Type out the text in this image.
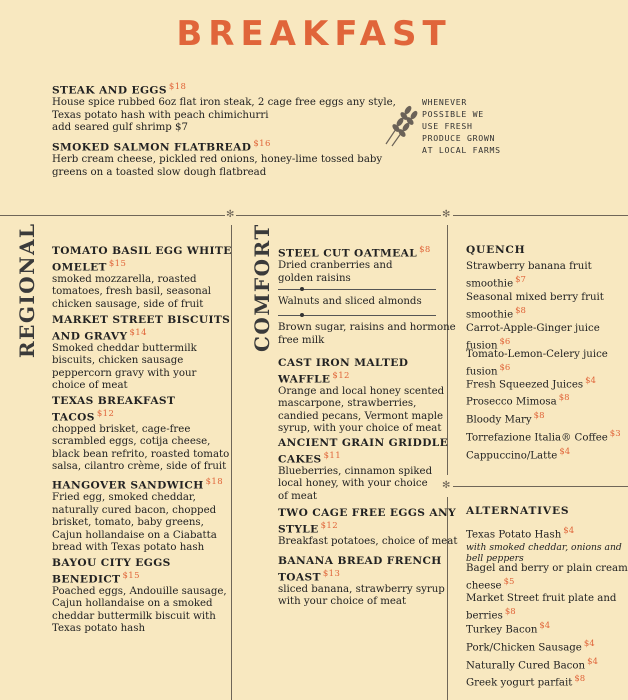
BREAKFAST
STEAK AND EGGS $^{\$18}$
House spice rubbed 6oz flat iron steak, 2 cage free eggs any style,
Texas potato hash with peach chimichurri
add seared gulf shrimp $7
SMOKED SALMON FLATBREAD $^{\$16}$
Herb cream cheese, pickled red onions, honey-lime tossed baby
greens on a toasted slow dough flatbread
WHENEVER
POSSIBLE WE
USE FRESH
PRODUCE GROWN
AT LOCAL FARMS
✻	✻
✻
REGIONAL	COMFORT
TOMATO BASIL EGG WHITE
OMELET $^{\$15}$
smoked mozzarella, roasted
tomatoes, fresh basil, seasonal
chicken sausage, side of fruit
MARKET STREET BISCUITS
AND GRAVY $^{\$14}$
Smoked cheddar buttermilk
biscuits, chicken sausage
peppercorn gravy with your
choice of meat
TEXAS BREAKFAST
TACOS $^{\$12}$
chopped brisket, cage-free
scrambled eggs, cotija cheese,
black bean refrito, roasted tomato
salsa, cilantro crème, side of fruit
HANGOVER SANDWICH $^{\$18}$
Fried egg, smoked cheddar,
naturally cured bacon, chopped
brisket, tomato, baby greens,
Cajun hollandaise on a Ciabatta
bread with Texas potato hash
BAYOU CITY EGGS
BENEDICT $^{\$15}$
Poached eggs, Andouille sausage,
Cajun hollandaise on a smoked
cheddar buttermilk biscuit with
Texas potato hash
STEEL CUT OATMEAL $^{\$8}$
Dried cranberries and
golden raisins
Walnuts and sliced almonds
Brown sugar, raisins and hormone
free milk
CAST IRON MALTED
WAFFLE $^{\$12}$
Orange and local honey scented
mascarpone, strawberries,
candied pecans, Vermont maple
syrup, with your choice of meat
ANCIENT GRAIN GRIDDLE
CAKES $^{\$11}$
Blueberries, cinnamon spiked
local honey, with your choice
of meat
TWO CAGE FREE EGGS ANY
STYLE $^{\$12}$
Breakfast potatoes, choice of meat
BANANA BREAD FRENCH
TOAST $^{\$13}$
sliced banana, strawberry syrup
with your choice of meat
QUENCH
Strawberry banana fruit
smoothie $^{\$7}$
Seasonal mixed berry fruit
smoothie $^{\$8}$
Carrot-Apple-Ginger juice
fusion $^{\$6}$
Tomato-Lemon-Celery juice
fusion $^{\$6}$
Fresh Squeezed Juices $^{\$4}$
Prosecco Mimosa $^{\$8}$
Bloody Mary $^{\$8}$
Torrefazione Italia® Coffee $^{\$3}$
Cappuccino/Latte $^{\$4}$
ALTERNATIVES
Texas Potato Hash $^{\$4}$
with smoked cheddar, onions and
bell peppers
Bagel and berry or plain cream
cheese $^{\$5}$
Market Street fruit plate and
berries $^{\$8}$
Turkey Bacon $^{\$4}$
Pork/Chicken Sausage $^{\$4}$
Naturally Cured Bacon $^{\$4}$
Greek yogurt parfait $^{\$8}$
